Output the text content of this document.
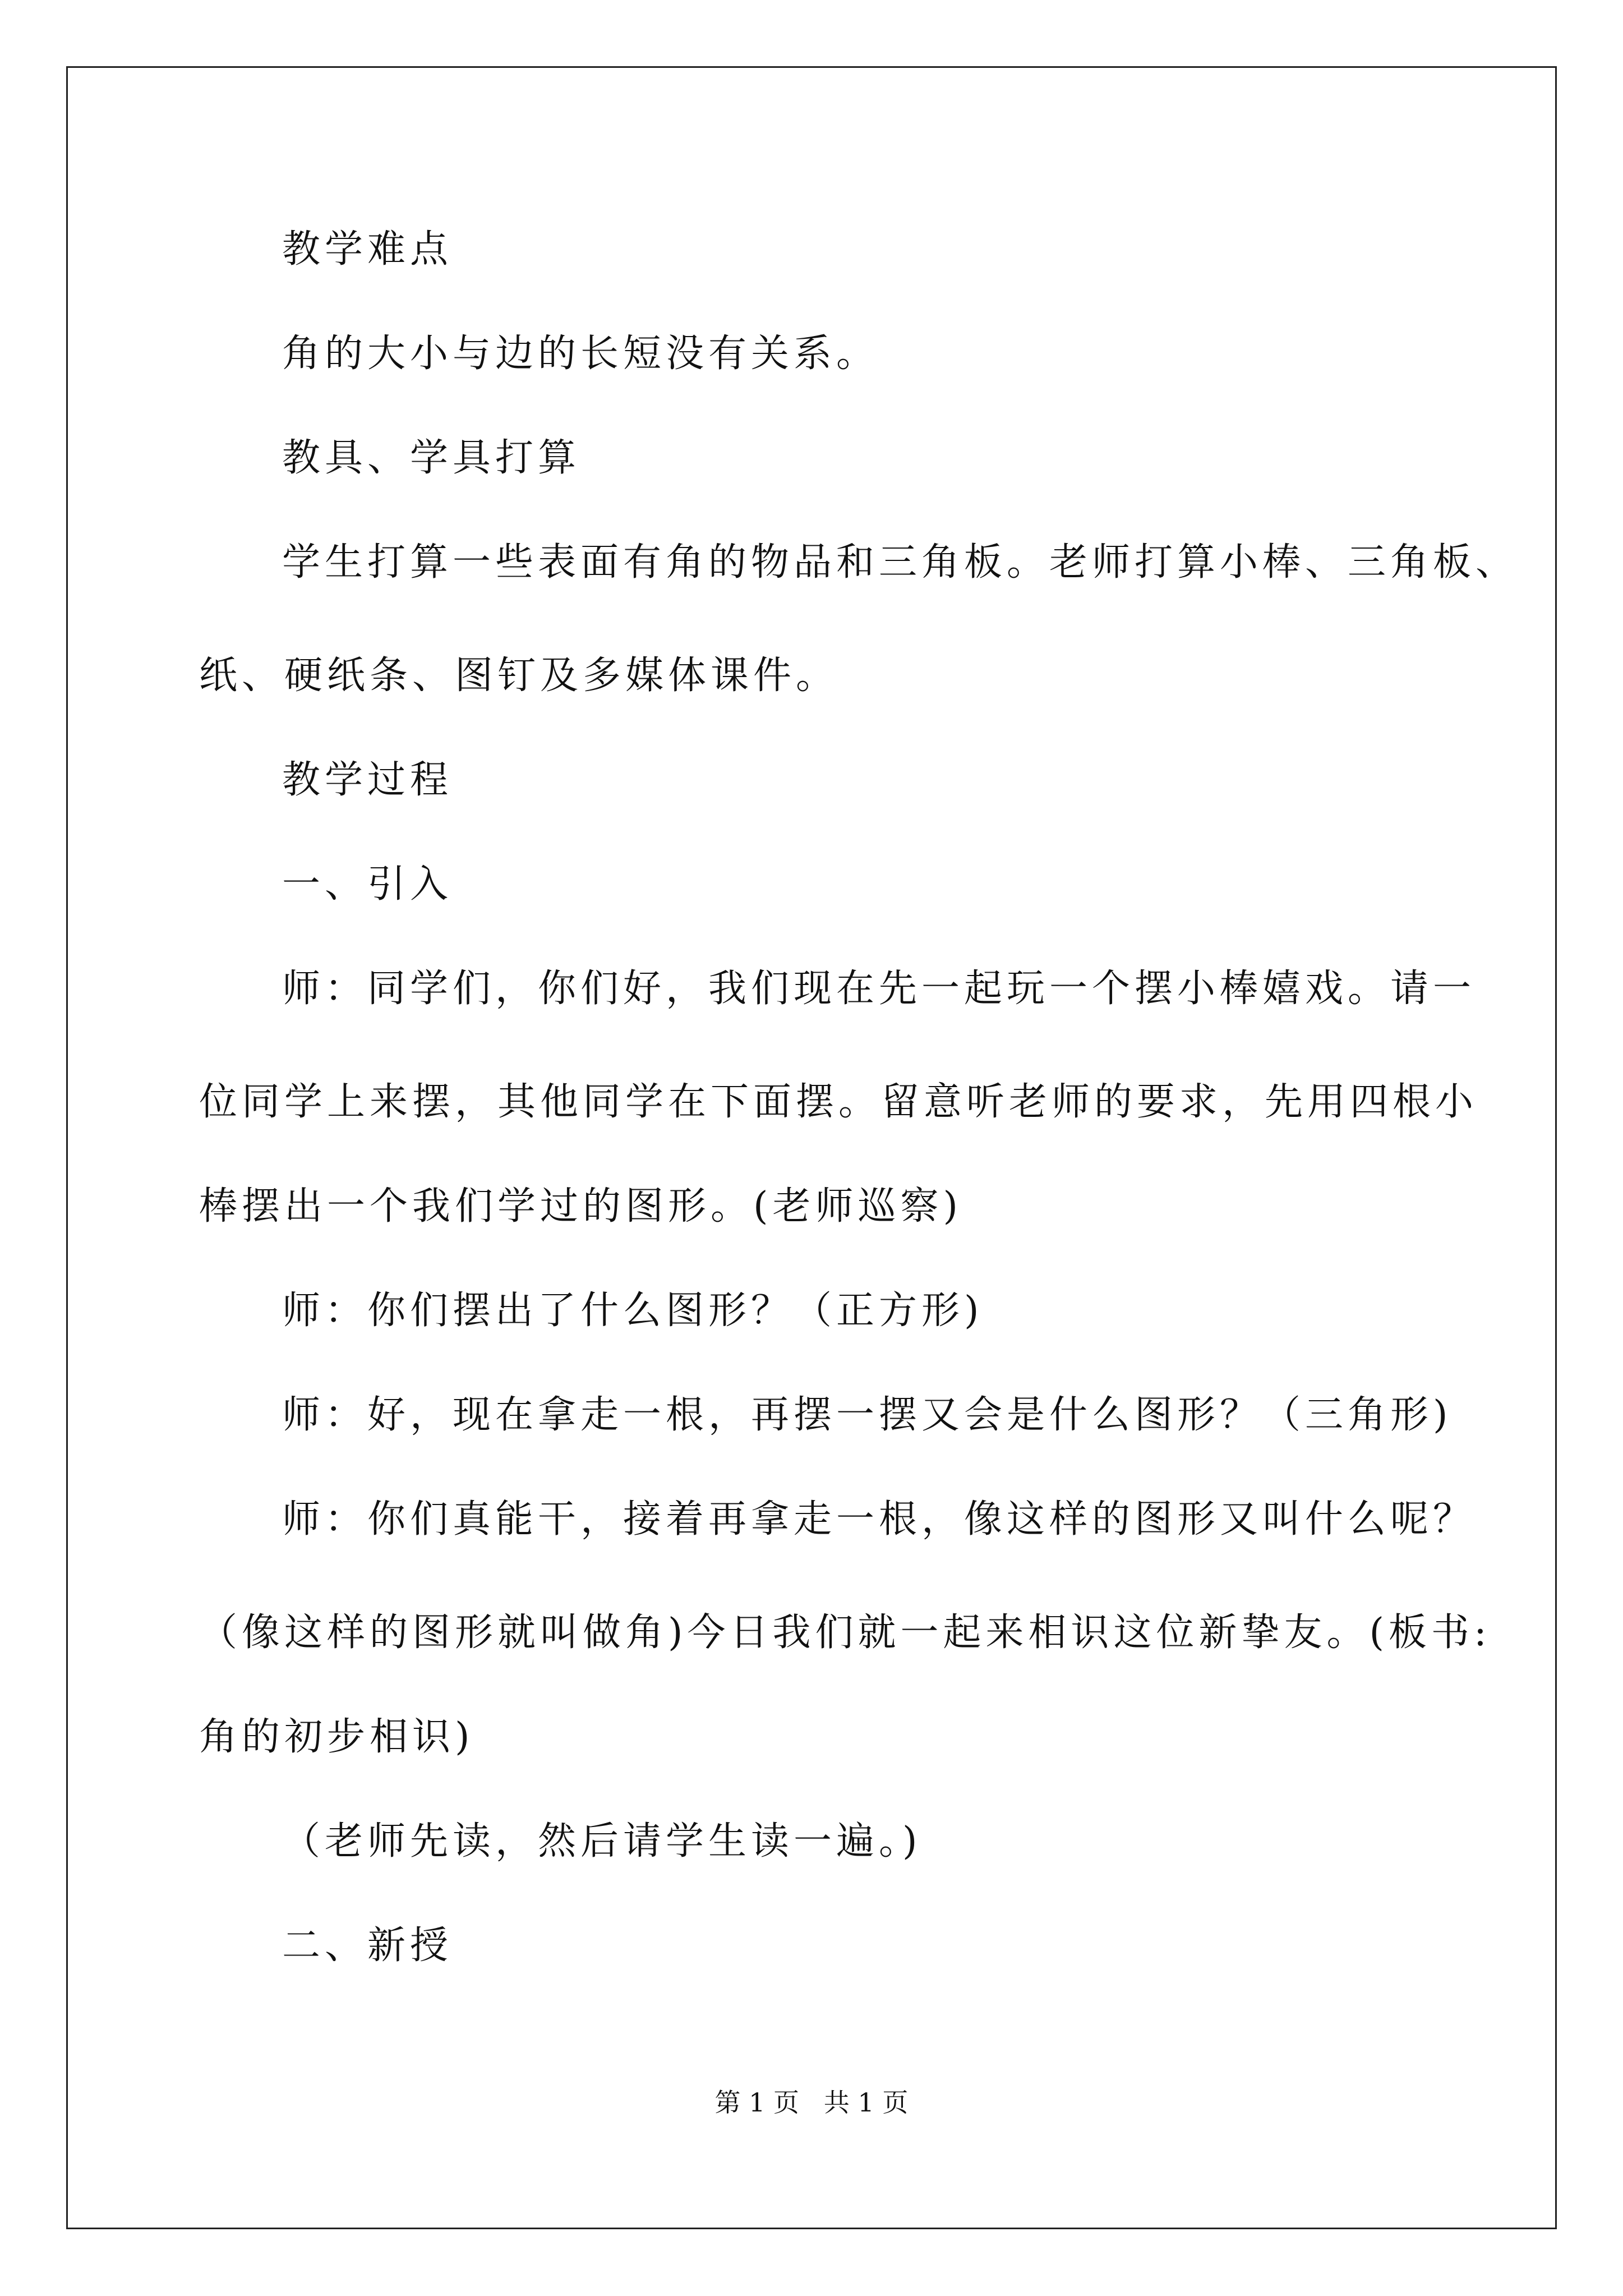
教学难点
角的大小与边的长短没有关系。
教具、学具打算
学生打算一些表面有角的物品和三角板。老师打算小棒、三角板、
纸、硬纸条、图钉及多媒体课件。
教学过程
一、引入
师：同学们，你们好，我们现在先一起玩一个摆小棒嬉戏。请一
位同学上来摆，其他同学在下面摆。留意听老师的要求，先用四根小
棒摆出一个我们学过的图形。(老师巡察)
师：你们摆出了什么图形？（正方形)
师：好，现在拿走一根，再摆一摆又会是什么图形？（三角形)
师：你们真能干，接着再拿走一根，像这样的图形又叫什么呢？
（像这样的图形就叫做角)今日我们就一起来相识这位新挚友。(板书:
角的初步相识)
（老师先读，然后请学生读一遍。)
二、新授
第 1 页   共 1 页
